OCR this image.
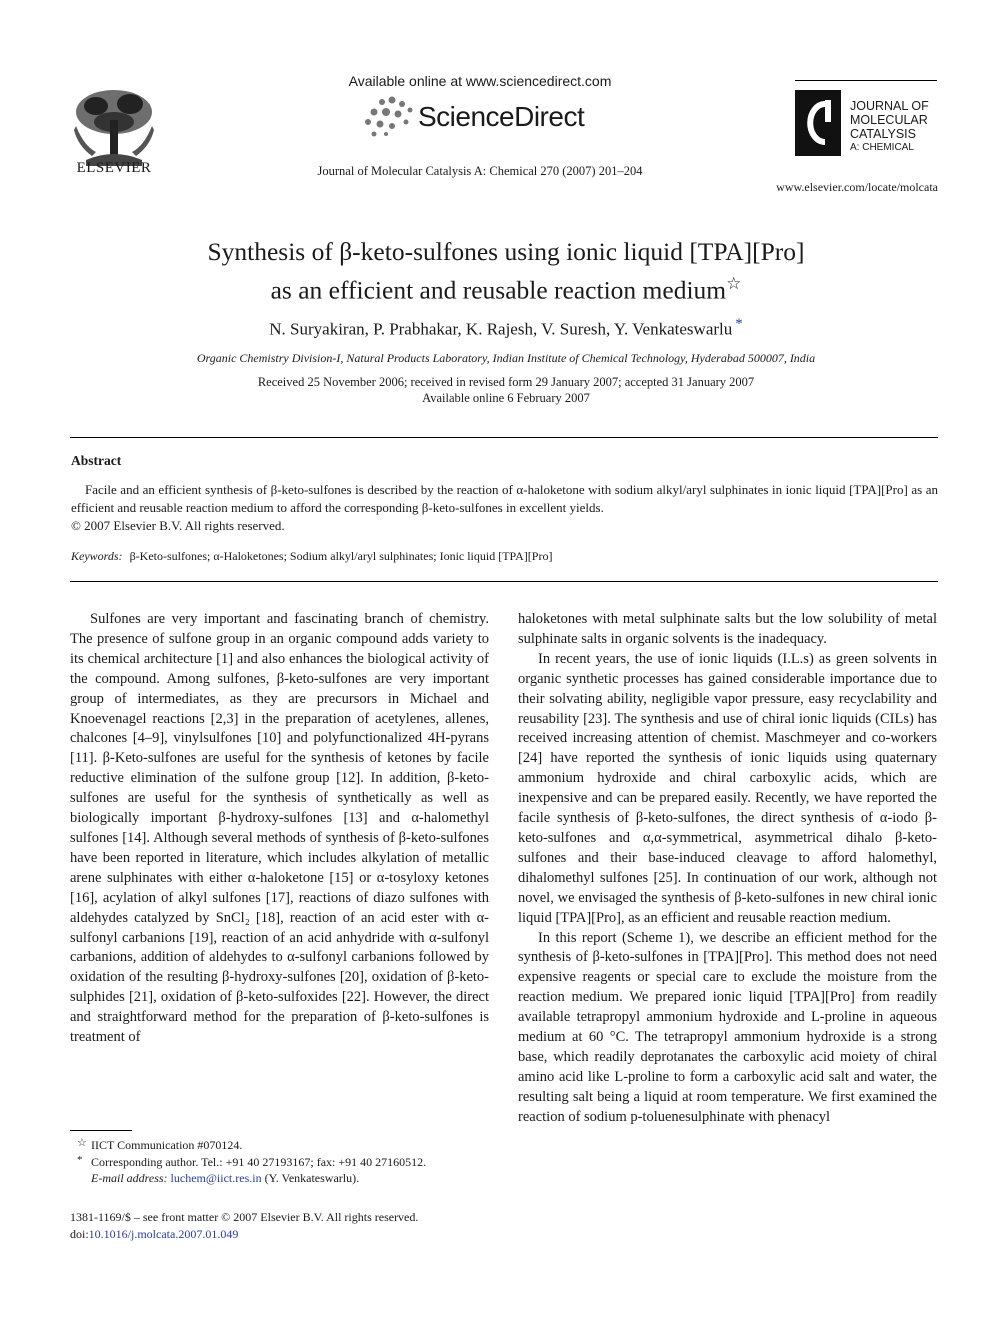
ELSEVIER
Available online at www.sciencedirect.com
ScienceDirect
Journal of Molecular Catalysis A: Chemical 270 (2007) 201–204
JOURNAL OF
MOLECULAR
CATALYSIS
A: CHEMICAL
www.elsevier.com/locate/molcata
Synthesis of β-keto-sulfones using ionic liquid [TPA][Pro]
as an efficient and reusable reaction medium☆
N. Suryakiran, P. Prabhakar, K. Rajesh, V. Suresh, Y. Venkateswarlu *
Organic Chemistry Division-I, Natural Products Laboratory, Indian Institute of Chemical Technology, Hyderabad 500007, India
Received 25 November 2006; received in revised form 29 January 2007; accepted 31 January 2007
Available online 6 February 2007
Abstract
Facile and an efficient synthesis of β-keto-sulfones is described by the reaction of α-haloketone with sodium alkyl/aryl sulphinates in ionic liquid [TPA][Pro] as an efficient and reusable reaction medium to afford the corresponding β-keto-sulfones in excellent yields.
© 2007 Elsevier B.V. All rights reserved.
Keywords: β-Keto-sulfones; α-Haloketones; Sodium alkyl/aryl sulphinates; Ionic liquid [TPA][Pro]

Sulfones are very important and fascinating branch of chemistry. The presence of sulfone group in an organic compound adds variety to its chemical architecture [1] and also enhances the biological activity of the compound. Among sulfones, β-keto-sulfones are very important group of intermediates, as they are precursors in Michael and Knoevenagel reactions [2,3] in the preparation of acetylenes, allenes, chalcones [4–9], vinylsulfones [10] and polyfunctionalized 4H-pyrans [11]. β-Keto-sulfones are useful for the synthesis of ketones by facile reductive elimination of the sulfone group [12]. In addition, β-keto-sulfones are useful for the synthesis of synthetically as well as biologically important β-hydroxy-sulfones [13] and α-halomethyl sulfones [14]. Although several methods of synthesis of β-keto-sulfones have been reported in literature, which includes alkylation of metallic arene sulphinates with either α-haloketone [15] or α-tosyloxy ketones [16], acylation of alkyl sulfones [17], reactions of diazo sulfones with aldehydes catalyzed by SnCl₂ [18], reaction of an acid ester with α-sulfonyl carbanions [19], reaction of an acid anhydride with α-sulfonyl carbanions, addition of aldehydes to α-sulfonyl carbanions followed by oxidation of the resulting β-hydroxy-sulfones [20], oxidation of β-keto-sulphides [21], oxidation of β-keto-sulfoxides [22]. However, the direct and straightforward method for the preparation of β-keto-sulfones is treatment of

haloketones with metal sulphinate salts but the low solubility of metal sulphinate salts in organic solvents is the inadequacy.

In recent years, the use of ionic liquids (I.L.s) as green solvents in organic synthetic processes has gained considerable importance due to their solvating ability, negligible vapor pressure, easy recyclability and reusability [23]. The synthesis and use of chiral ionic liquids (CILs) has received increasing attention of chemist. Maschmeyer and co-workers [24] have reported the synthesis of ionic liquids using quaternary ammonium hydroxide and chiral carboxylic acids, which are inexpensive and can be prepared easily. Recently, we have reported the facile synthesis of β-keto-sulfones, the direct synthesis of α-iodo β-keto-sulfones and α,α-symmetrical, asymmetrical dihalo β-keto-sulfones and their base-induced cleavage to afford halomethyl, dihalomethyl sulfones [25]. In continuation of our work, although not novel, we envisaged the synthesis of β-keto-sulfones in new chiral ionic liquid [TPA][Pro], as an efficient and reusable reaction medium.

In this report (Scheme 1), we describe an efficient method for the synthesis of β-keto-sulfones in [TPA][Pro]. This method does not need expensive reagents or special care to exclude the moisture from the reaction medium. We prepared ionic liquid [TPA][Pro] from readily available tetrapropyl ammonium hydroxide and L-proline in aqueous medium at 60 °C. The tetrapropyl ammonium hydroxide is a strong base, which readily deprotanates the carboxylic acid moiety of chiral amino acid like L-proline to form a carboxylic acid salt and water, the resulting salt being a liquid at room temperature. We first examined the reaction of sodium p-toluenesulphinate with phenacyl

☆ IICT Communication #070124.
* Corresponding author. Tel.: +91 40 27193167; fax: +91 40 27160512.
E-mail address: luchem@iict.res.in (Y. Venkateswarlu).
1381-1169/$ – see front matter © 2007 Elsevier B.V. All rights reserved.
doi:10.1016/j.molcata.2007.01.049
